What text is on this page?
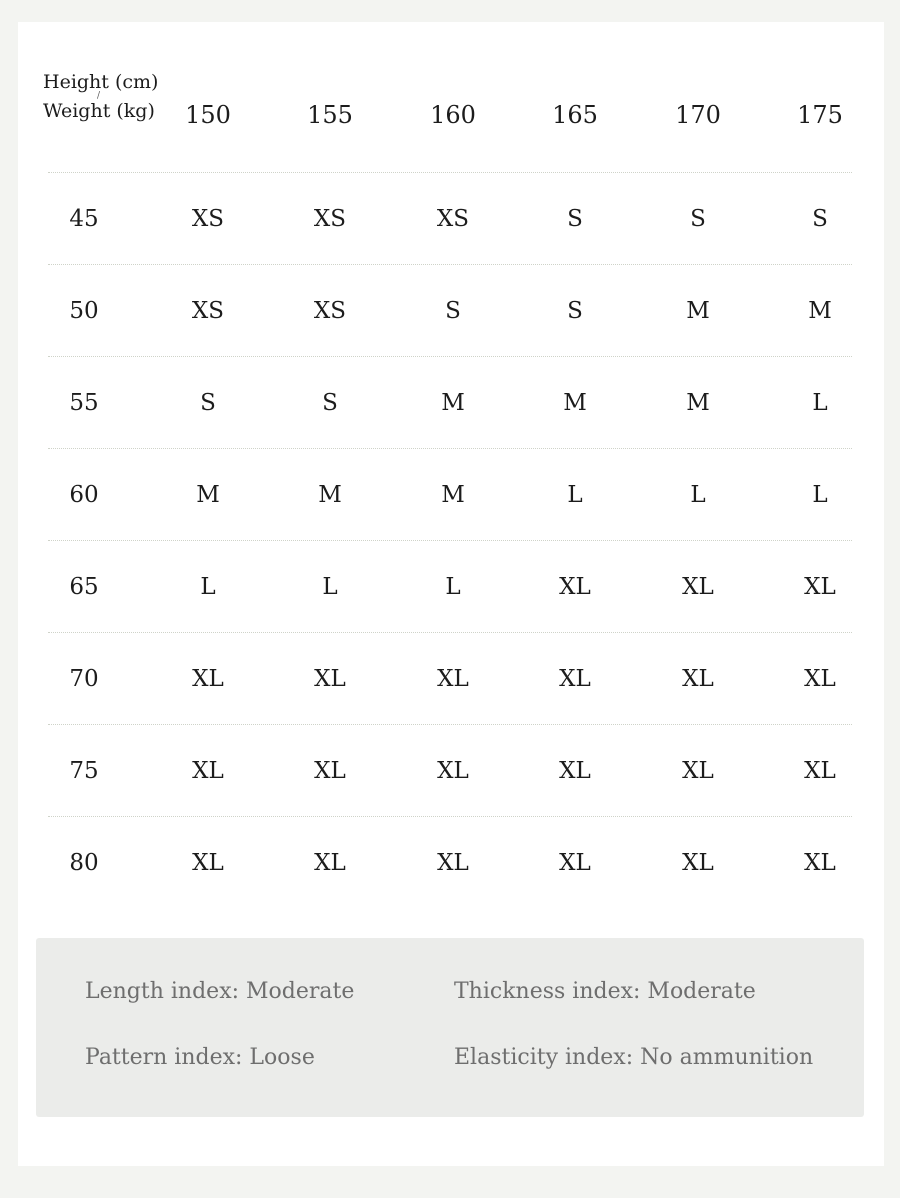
Height (cm)
/
Weight (kg)	150	155	160	165	170	175
45	XS	XS	XS	S	S	S
50	XS	XS	S	S	M	M
55	S	S	M	M	M	L
60	M	M	M	L	L	L
65	L	L	L	XL	XL	XL
70	XL	XL	XL	XL	XL	XL
75	XL	XL	XL	XL	XL	XL
80	XL	XL	XL	XL	XL	XL
Length index: Moderate	Thickness index: Moderate
Pattern index: Loose	Elasticity index: No ammunition
